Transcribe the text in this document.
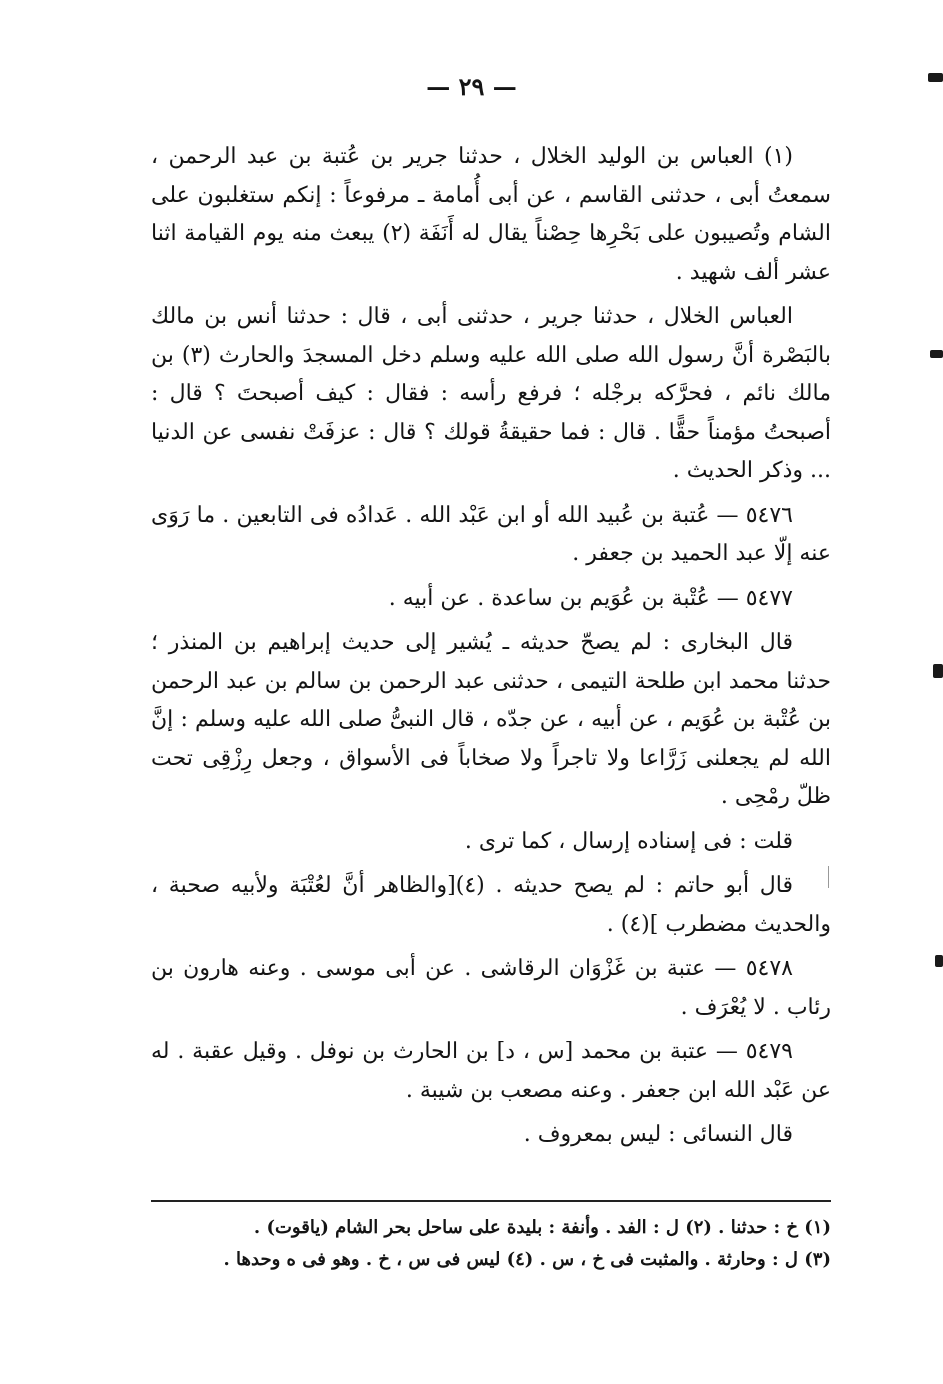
— ٢٩ —

(١) العباس بن الوليد الخلال ، حدثنا جرير بن عُتبة بن عبد الرحمن ، سمعتُ أبى ، حدثنى القاسم ، عن أبى أُمامة ـ مرفوعاً : إنكم ستغلبون على الشام وتُصيبون على بَحْرِها حِصْناً يقال له أَنَفَة (٢) يبعث منه يوم القيامة اثنا عشر ألف شهيد .

العباس الخلال ، حدثنا جرير ، حدثنى أبى ، قال : حدثنا أنس بن مالك بالبَصْرة أنَّ رسول الله صلى الله عليه وسلم دخل المسجدَ والحارث (٣) بن مالك نائم ، فحرَّكه برجْله ؛ فرفع رأسه : فقال : كيف أصبحتَ ؟ قال : أصبحتُ مؤمناً حقًّا . قال : فما حقيقةُ قولك ؟ قال : عزفَتْ نفسى عن الدنيا ... وذكر الحديث .

٥٤٧٦ — عُتبة بن عُبيد الله أو ابن عَبْد الله . عَدادُه فى التابعين . ما رَوَى عنه إلّا عبد الحميد بن جعفر .

٥٤٧٧ — عُتْبة بن عُوَيم بن ساعدة . عن أبيه .

قال البخارى : لم يصحّ حديثه ـ يُشير إلى حديث إبراهيم بن المنذر ؛ حدثنا محمد ابن طلحة التيمى ، حدثنى عبد الرحمن بن سالم بن عبد الرحمن بن عُتْبة بن عُوَيم ، عن أبيه ، عن جدّه ، قال النبىُّ صلى الله عليه وسلم : إنَّ الله لم يجعلنى زَرَّاعا ولا تاجراً ولا صخاباً فى الأسواق ، وجعل رِزْقِى تحت ظلّ رمْحِى .

قلت : فى إسناده إرسال ، كما ترى .

قال أبو حاتم : لم يصح حديثه . (٤)[والظاهر أنَّ لعُتْبَة ولأبيه صحبة ، والحديث مضطرب ](٤) .

٥٤٧٨ — عتبة بن غَزْوَان الرقاشى . عن أبى موسى . وعنه هارون بن رئاب . لا يُعْرَف .

٥٤٧٩ — عتبة بن محمد [س ، د] بن الحارث بن نوفل . وقيل عقبة . له عن عَبْد الله ابن جعفر . وعنه مصعب بن شيبة .

قال النسائى : ليس بمعروف .

(١) خ : حدثنا . (٢) ل : الفد . وأنفة : بليدة على ساحل بحر الشام (ياقوت) .

(٣) ل : وحارثة . والمثبت فى خ ، س . (٤) ليس فى س ، خ . وهو فى ه وحدها .
